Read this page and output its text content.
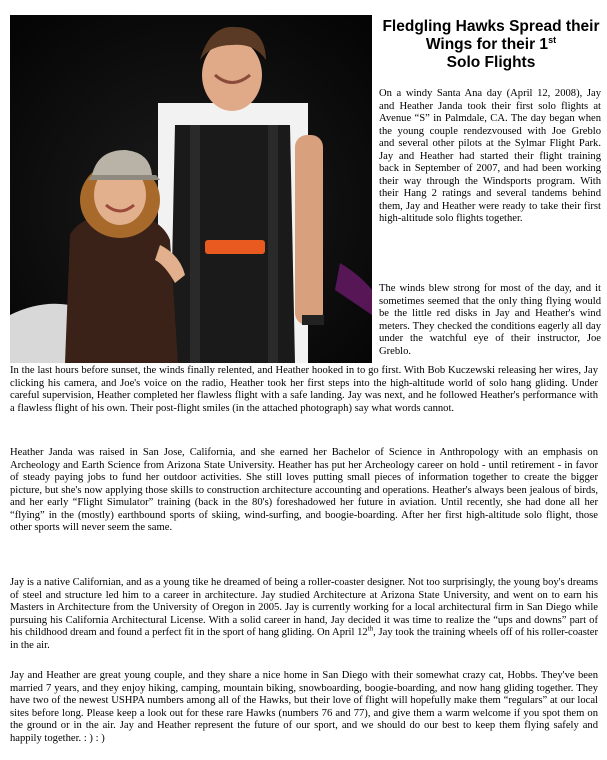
Fledgling Hawks Spread their Wings for their 1st
Solo Flights

On a windy Santa Ana day (April 12, 2008), Jay and Heather Janda took their first solo flights at Avenue “S” in Palmdale, CA. The day began when the young couple rendezvoused with Joe Greblo and several other pilots at the Sylmar Flight Park. Jay and Heather had started their flight training back in September of 2007, and had been working their way through the Windsports program. With their Hang 2 ratings and several tandems behind them, Jay and Heather were ready to take their first high-altitude solo flights together.

The winds blew strong for most of the day, and it sometimes seemed that the only thing flying would be the little red disks in Jay and Heather's wind meters. They checked the conditions eagerly all day under the watchful eye of their instructor, Joe Greblo.

In the last hours before sunset, the winds finally relented, and Heather hooked in to go first. With Bob Kuczewski releasing her wires, Jay clicking his camera, and Joe's voice on the radio, Heather took her first steps into the high-altitude world of solo hang gliding. Under careful supervision, Heather completed her flawless flight with a safe landing. Jay was next, and he followed Heather's performance with a flawless flight of his own. Their post-flight smiles (in the attached photograph) say what words cannot.

Heather Janda was raised in San Jose, California, and she earned her Bachelor of Science in Anthropology with an emphasis on Archeology and Earth Science from Arizona State University. Heather has put her Archeology career on hold - until retirement - in favor of steady paying jobs to fund her outdoor activities. She still loves putting small pieces of information together to create the bigger picture, but she's now applying those skills to construction architecture accounting and operations. Heather's always been jealous of birds, and her early “Flight Simulator” training (back in the 80's) foreshadowed her future in aviation. Until recently, she had done all her “flying” in the (mostly) earthbound sports of skiing, wind-surfing, and boogie-boarding. After her first high-altitude solo flight, those other sports will never seem the same.

Jay is a native Californian, and as a young tike he dreamed of being a roller-coaster designer. Not too surprisingly, the young boy's dreams of steel and structure led him to a career in architecture. Jay studied Architecture at Arizona State University, and went on to earn his Masters in Architecture from the University of Oregon in 2005. Jay is currently working for a local architectural firm in San Diego while pursuing his California Architectural License. With a solid career in hand, Jay decided it was time to realize the “ups and downs” part of his childhood dream and found a perfect fit in the sport of hang gliding. On April 12th, Jay took the training wheels off of his roller-coaster in the air.

Jay and Heather are great young couple, and they share a nice home in San Diego with their somewhat crazy cat, Hobbs. They've been married 7 years, and they enjoy hiking, camping, mountain biking, snowboarding, boogie-boarding, and now hang gliding together. They have two of the newest USHPA numbers among all of the Hawks, but their love of flight will hopefully make them “regulars” at our local sites before long. Please keep a look out for these rare Hawks (numbers 76 and 77), and give them a warm welcome if you spot them on the ground or in the air. Jay and Heather represent the future of our sport, and we should do our best to keep them flying safely and happily together. : ) : )
